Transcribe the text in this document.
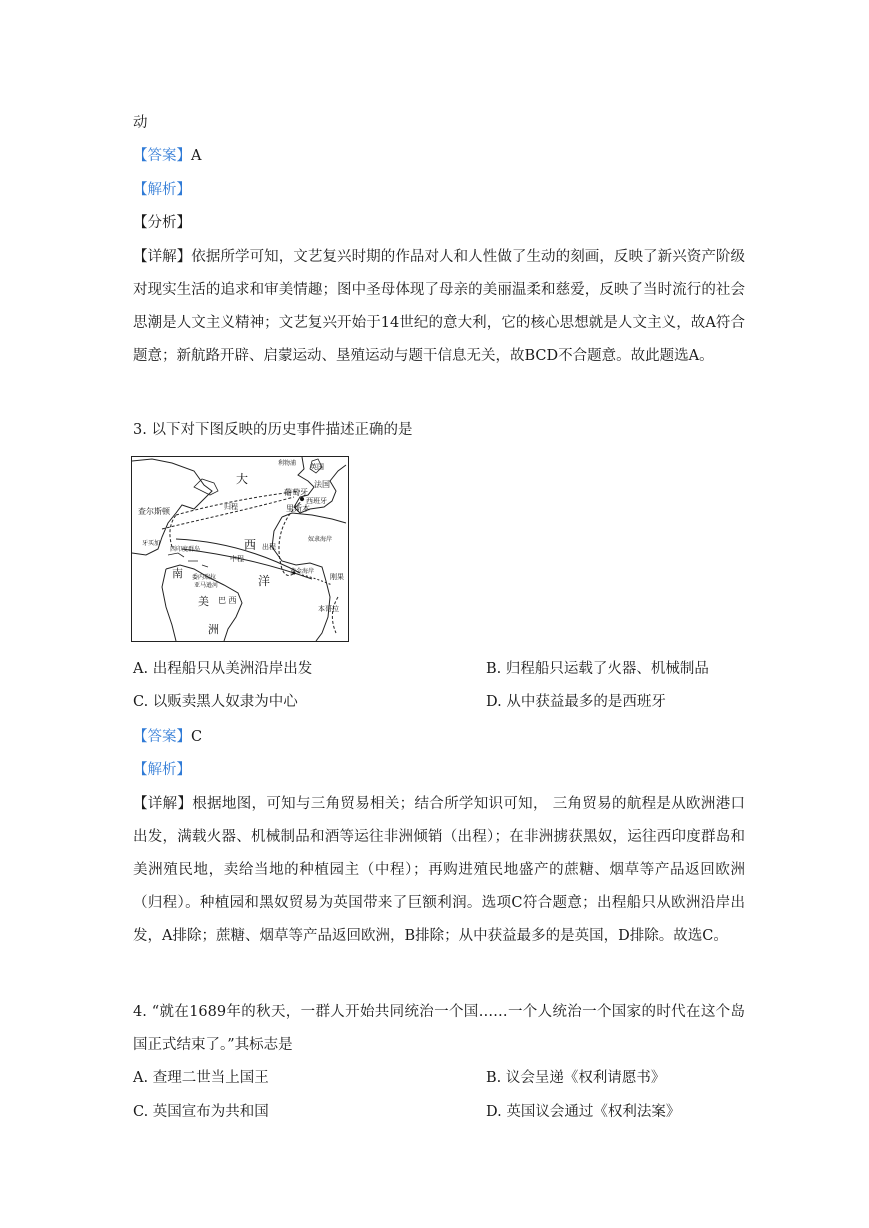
动
【答案】A
【解析】
【分析】
【详解】依据所学可知，文艺复兴时期的作品对人和人性做了生动的刻画，反映了新兴资产阶级对现实生活的追求和审美情趣；图中圣母体现了母亲的美丽温柔和慈爱，反映了当时流行的社会思潮是人文主义精神；文艺复兴开始于14世纪的意大利，它的核心思想就是人文主义，故A符合题意；新航路开辟、启蒙运动、垦殖运动与题干信息无关，故BCD不合题意。故此题选A。
3. 以下对下图反映的历史事件描述正确的是
大
西
洋
南
美
洲
巴 西
查尔斯顿
利物浦 英国
法国
葡萄牙
西班牙
里斯本
牙买加
西印度群岛
委内瑞拉
亚马逊河
归程
出程
中程
黄金海岸
奴隶海岸
刚果
本哥拉
A. 出程船只从美洲沿岸出发	B. 归程船只运载了火器、机械制品
C. 以贩卖黑人奴隶为中心	D. 从中获益最多的是西班牙
【答案】C
【解析】
【详解】根据地图，可知与三角贸易相关；结合所学知识可知， 三角贸易的航程是从欧洲港口出发，满载火器、机械制品和酒等运往非洲倾销（出程）；在非洲掳获黑奴，运往西印度群岛和美洲殖民地，卖给当地的种植园主（中程）；再购进殖民地盛产的蔗糖、烟草等产品返回欧洲（归程）。种植园和黑奴贸易为英国带来了巨额利润。选项C符合题意；出程船只从欧洲沿岸出发，A排除；蔗糖、烟草等产品返回欧洲，B排除；从中获益最多的是英国，D排除。故选C。
4. “就在1689年的秋天，一群人开始共同统治一个国……一个人统治一个国家的时代在这个岛国正式结束了。”其标志是
A. 查理二世当上国王	B. 议会呈递《权利请愿书》
C. 英国宣布为共和国	D. 英国议会通过《权利法案》
